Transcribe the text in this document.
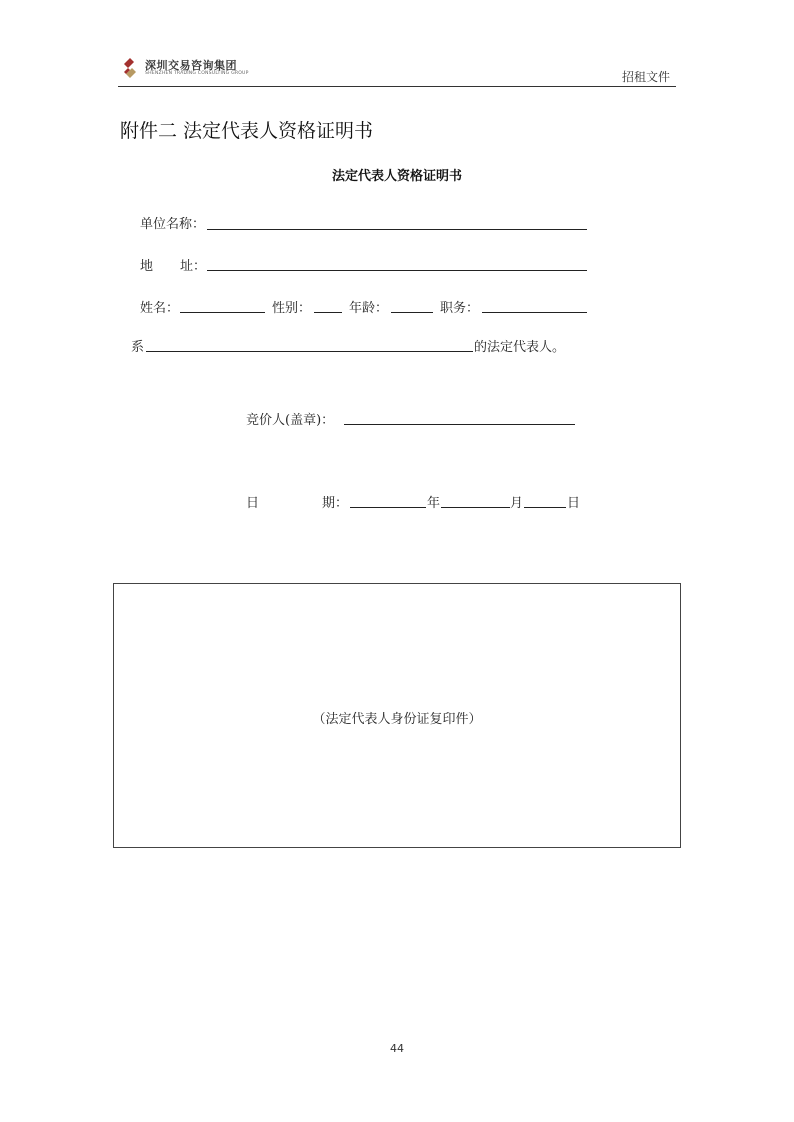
深圳交易咨询集团
SHENZHEN TRADING CONSULTING GROUP	招租文件
附件二 法定代表人资格证明书
法定代表人资格证明书
单位名称：
地 址：
姓名：	性别：	年龄：	职务：
系	的法定代表人。
竞价人(盖章)：
日	期：	年	月	日
（法定代表人身份证复印件）
44
